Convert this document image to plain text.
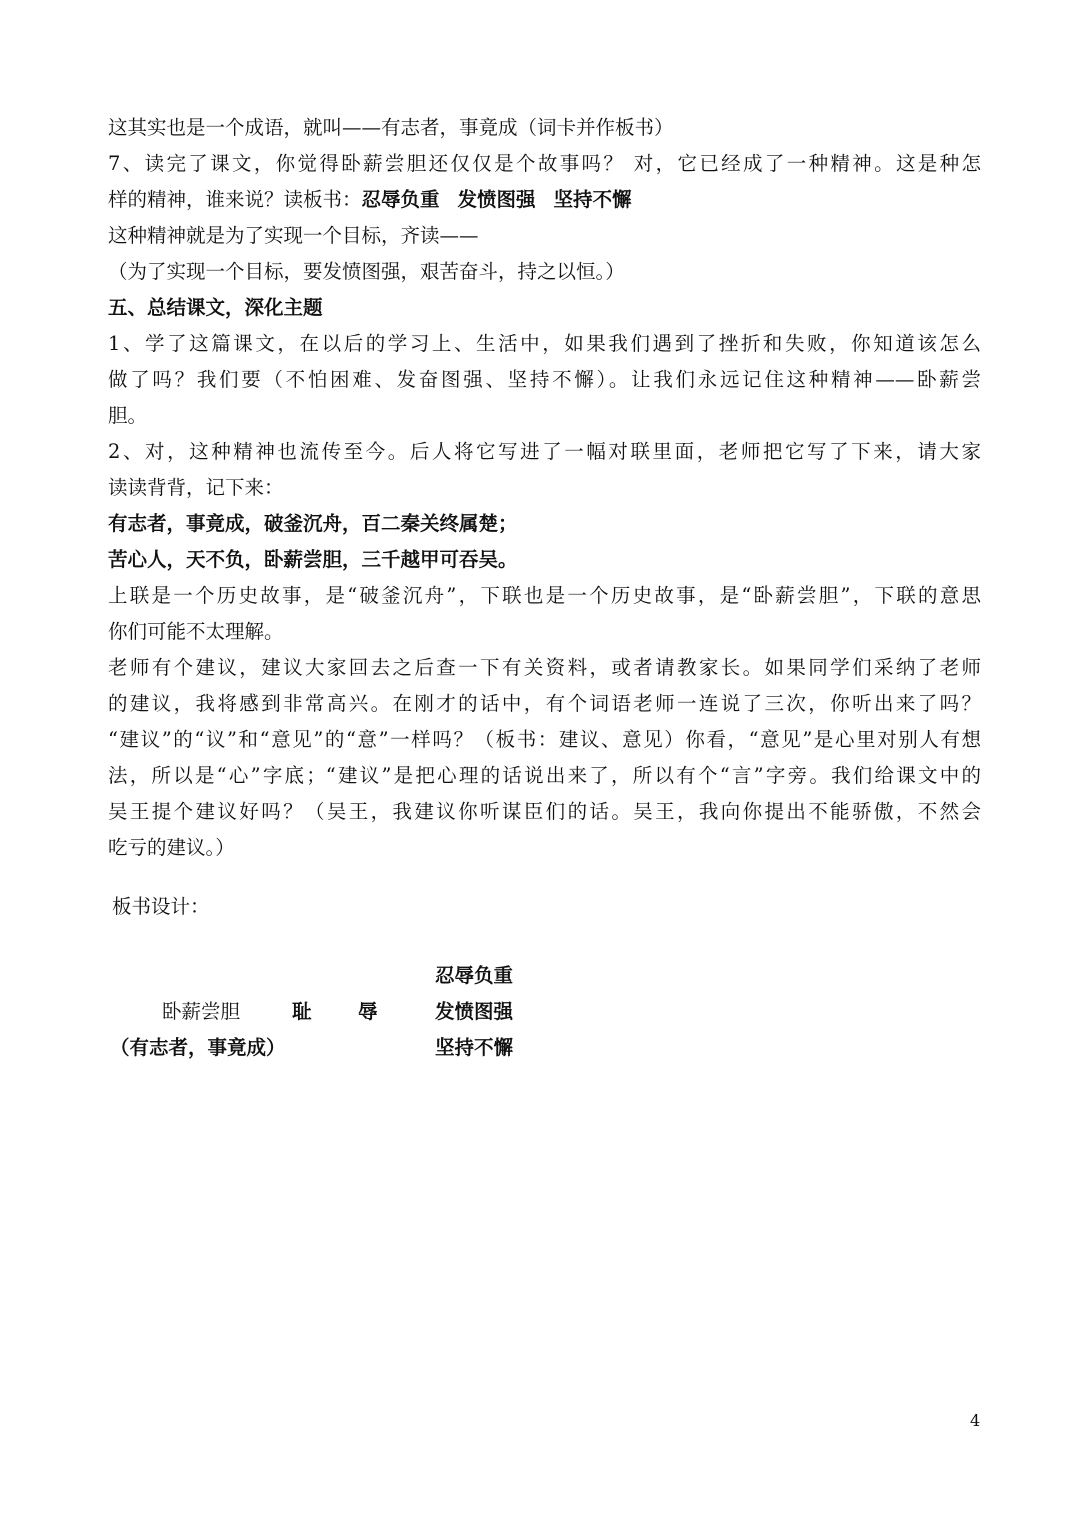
这其实也是一个成语，就叫——有志者，事竟成（词卡并作板书）
7、读完了课文，你觉得卧薪尝胆还仅仅是个故事吗？ 对，它已经成了一种精神。这是种怎
样的精神，谁来说？读板书：忍辱负重 发愤图强 坚持不懈
这种精神就是为了实现一个目标，齐读——
（为了实现一个目标，要发愤图强，艰苦奋斗，持之以恒。）
五、总结课文，深化主题
1、学了这篇课文，在以后的学习上、生活中，如果我们遇到了挫折和失败，你知道该怎么
做了吗？我们要（不怕困难、发奋图强、坚持不懈）。让我们永远记住这种精神——卧薪尝
胆。
2、对，这种精神也流传至今。后人将它写进了一幅对联里面，老师把它写了下来，请大家
读读背背，记下来：
有志者，事竟成，破釜沉舟，百二秦关终属楚；
苦心人，天不负，卧薪尝胆，三千越甲可吞吴。
上联是一个历史故事，是“破釜沉舟”，下联也是一个历史故事，是“卧薪尝胆”，下联的意思
你们可能不太理解。
老师有个建议，建议大家回去之后查一下有关资料，或者请教家长。如果同学们采纳了老师
的建议，我将感到非常高兴。在刚才的话中，有个词语老师一连说了三次，你听出来了吗？
“建议”的“议”和“意见”的“意”一样吗？（板书：建议、意见）你看，“意见”是心里对别人有想
法，所以是“心”字底；“建议”是把心理的话说出来了，所以有个“言”字旁。我们给课文中的
吴王提个建议好吗？（吴王，我建议你听谋臣们的话。吴王，我向你提出不能骄傲，不然会
吃亏的建议。）
板书设计：
卧薪尝胆	耻 辱
（有志者，事竟成）
忍辱负重
发愤图强
坚持不懈
4
